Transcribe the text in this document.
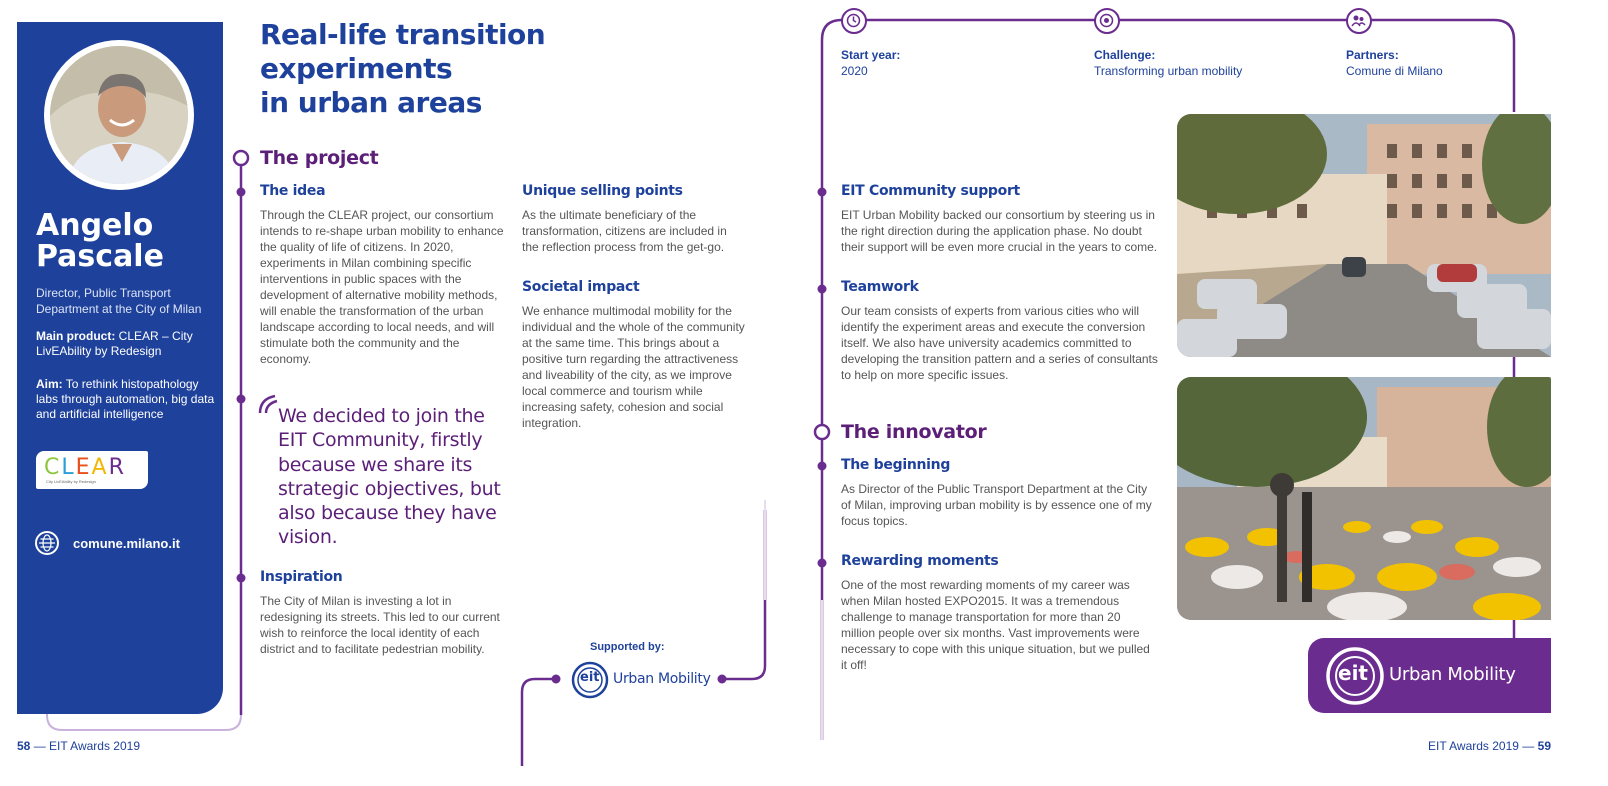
Angelo
Pascale
Director, Public Transport Department at the City of Milan
Main product: CLEAR – City LivEAbility by Redesign
Aim: To rethink histopathology labs through automation, big data and artificial intelligence
CLEAR
City LivEAbility by Redesign
comune.milano.it
Real-life transition experiments
in urban areas
The project
The idea
Through the CLEAR project, our consortium intends to re-shape urban mobility to enhance the quality of life of citizens. In 2020, experiments in Milan combining specific interventions in public spaces with the development of alternative mobility methods, will enable the transformation of the urban landscape according to local needs, and will stimulate both the community and the economy.
Unique selling points
As the ultimate beneficiary of the transformation, citizens are included in the reflection process from the get-go.
Societal impact
We enhance multimodal mobility for the individual and the whole of the community at the same time. This brings about a positive turn regarding the attractiveness and liveability of the city, as we improve local commerce and tourism while increasing safety, cohesion and social integration.
We decided to join the EIT Community, firstly because we share its strategic objectives, but also because they have vision.
Inspiration
The City of Milan is investing a lot in redesigning its streets. This led to our current wish to reinforce the local identity of each district and to facilitate pedestrian mobility.	Supported by:
eit Urban Mobility
Start year:
2020
Challenge:
Transforming urban mobility
Partners:
Comune di Milano
EIT Community support
EIT Urban Mobility backed our consortium by steering us in the right direction during the application phase. No doubt their support will be even more crucial in the years to come.
Teamwork
Our team consists of experts from various cities who will identify the experiment areas and execute the conversion itself. We also have university academics committed to developing the transition pattern and a series of consultants to help on more specific issues.
The innovator
The beginning
As Director of the Public Transport Department at the City of Milan, improving urban mobility is by essence one of my focus topics.
Rewarding moments
One of the most rewarding moments of my career was when Milan hosted EXPO2015. It was a tremendous challenge to manage transportation for more than 20 million people over six months. Vast improvements were necessary to cope with this unique situation, but we pulled it off!	eit Urban Mobility
58 — EIT Awards 2019	EIT Awards 2019 — 59
